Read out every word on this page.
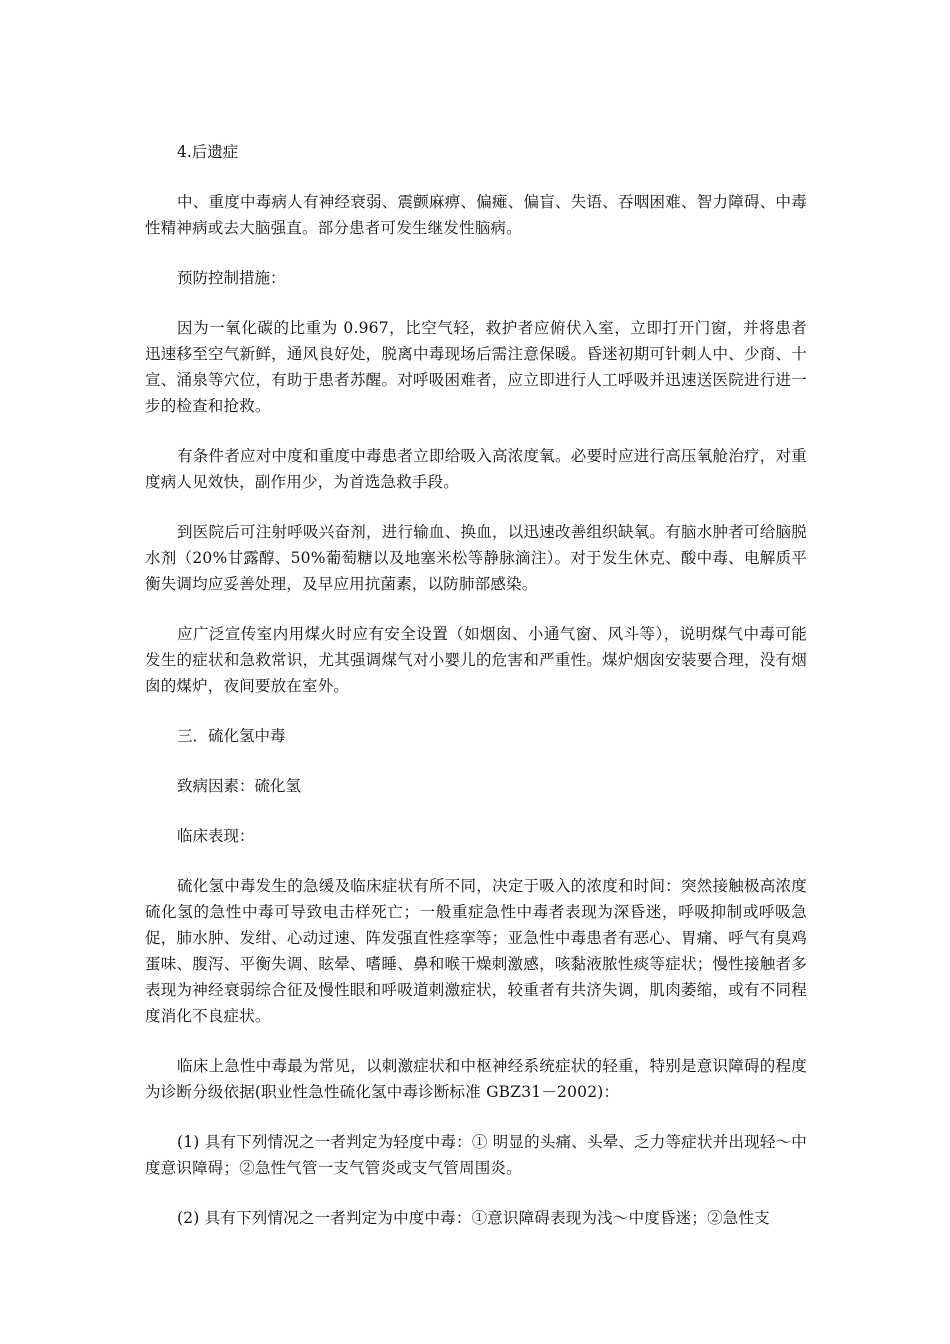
4.后遗症

中、重度中毒病人有神经衰弱、震颤麻痹、偏瘫、偏盲、失语、吞咽困难、智力障碍、中毒性精神病或去大脑强直。部分患者可发生继发性脑病。

预防控制措施：

因为一氧化碳的比重为 0.967，比空气轻，救护者应俯伏入室，立即打开门窗，并将患者迅速移至空气新鲜，通风良好处，脱离中毒现场后需注意保暖。昏迷初期可针刺人中、少商、十宣、涌泉等穴位，有助于患者苏醒。对呼吸困难者，应立即进行人工呼吸并迅速送医院进行进一步的检查和抢救。

有条件者应对中度和重度中毒患者立即给吸入高浓度氧。必要时应进行高压氧舱治疗，对重度病人见效快，副作用少，为首选急救手段。

到医院后可注射呼吸兴奋剂，进行输血、换血，以迅速改善组织缺氧。有脑水肿者可给脑脱水剂（20%甘露醇、50%葡萄糖以及地塞米松等静脉滴注）。对于发生休克、酸中毒、电解质平衡失调均应妥善处理，及早应用抗菌素，以防肺部感染。

应广泛宣传室内用煤火时应有安全设置（如烟囱、小通气窗、风斗等），说明煤气中毒可能发生的症状和急救常识，尤其强调煤气对小婴儿的危害和严重性。煤炉烟囱安装要合理，没有烟囱的煤炉，夜间要放在室外。

三．硫化氢中毒

致病因素：硫化氢

临床表现：

硫化氢中毒发生的急缓及临床症状有所不同，决定于吸入的浓度和时间：突然接触极高浓度硫化氢的急性中毒可导致电击样死亡；一般重症急性中毒者表现为深昏迷，呼吸抑制或呼吸急促，肺水肿、发绀、心动过速、阵发强直性痉挛等；亚急性中毒患者有恶心、胃痛、呼气有臭鸡蛋味、腹泻、平衡失调、眩晕、嗜睡、鼻和喉干燥刺激感，咳黏液脓性痰等症状；慢性接触者多表现为神经衰弱综合征及慢性眼和呼吸道刺激症状，较重者有共济失调，肌肉萎缩，或有不同程度消化不良症状。

临床上急性中毒最为常见，以刺激症状和中枢神经系统症状的轻重，特别是意识障碍的程度为诊断分级依据(职业性急性硫化氢中毒诊断标准 GBZ31－2002)：

(1) 具有下列情况之一者判定为轻度中毒：① 明显的头痛、头晕、乏力等症状并出现轻～中度意识障碍；②急性气管一支气管炎或支气管周围炎。

(2) 具有下列情况之一者判定为中度中毒：①意识障碍表现为浅～中度昏迷；②急性支
